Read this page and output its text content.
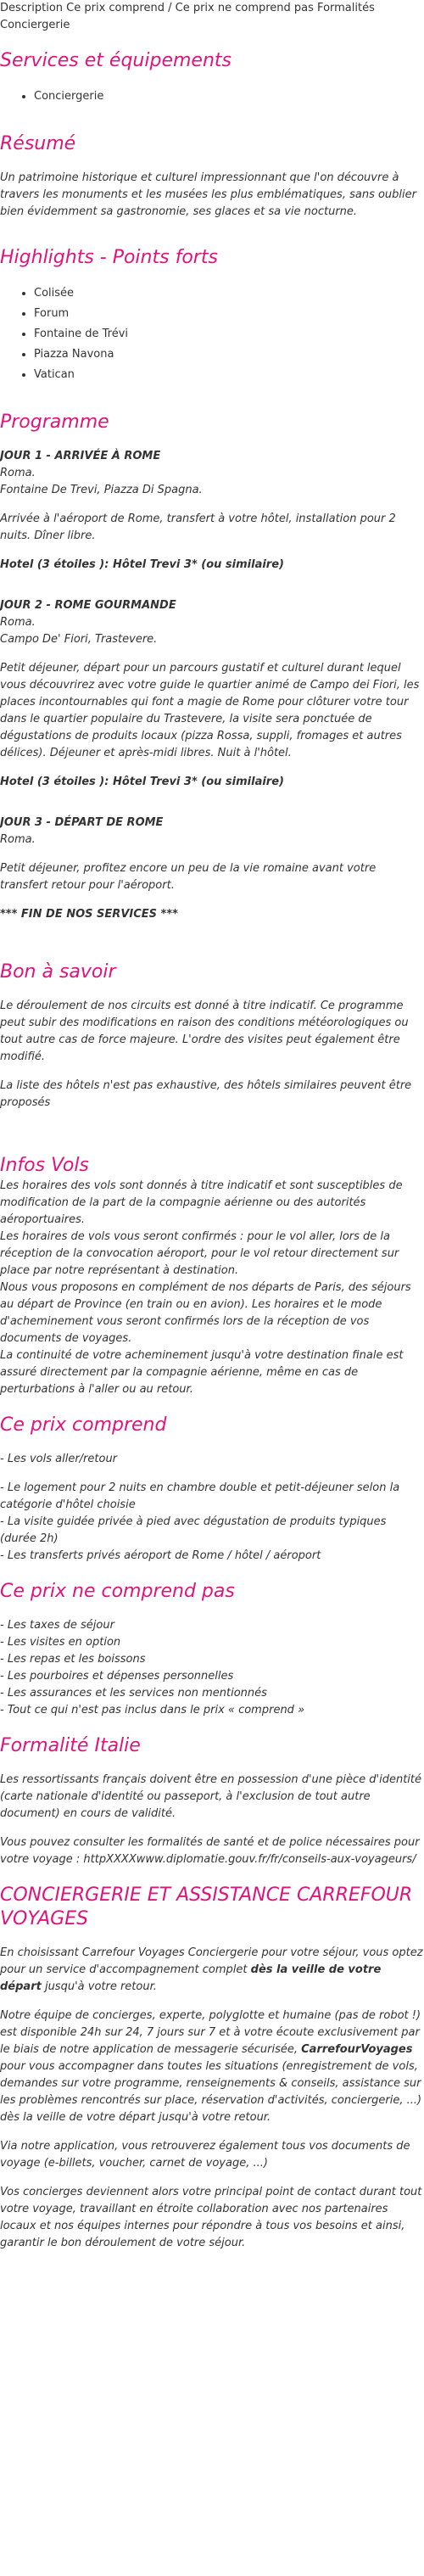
Description Ce prix comprend / Ce prix ne comprend pas Formalités Conciergerie

Services et équipements
• Conciergerie
Résumé

Un patrimoine historique et culturel impressionnant que l'on découvre à travers les monuments et les musées les plus emblématiques, sans oublier bien évidemment sa gastronomie, ses glaces et sa vie nocturne.

Highlights - Points forts
• Colisée
• Forum
• Fontaine de Trévi
• Piazza Navona
• Vatican
Programme

JOUR 1 - ARRIVÉE À ROME

Roma.

Fontaine De Trevi, Piazza Di Spagna.

Arrivée à l'aéroport de Rome, transfert à votre hôtel, installation pour 2 nuits. Dîner libre.

Hotel (3 étoiles ): Hôtel Trevi 3* (ou similaire)

JOUR 2 - ROME GOURMANDE

Roma.

Campo De' Fiori, Trastevere.

Petit déjeuner, départ pour un parcours gustatif et culturel durant lequel vous découvrirez avec votre guide le quartier animé de Campo dei Fiori, les places incontournables qui font a magie de Rome pour clôturer votre tour dans le quartier populaire du Trastevere, la visite sera ponctuée de dégustations de produits locaux (pizza Rossa, suppli, fromages et autres délices). Déjeuner et après-midi libres. Nuit à l'hôtel.

Hotel (3 étoiles ): Hôtel Trevi 3* (ou similaire)

JOUR 3 - DÉPART DE ROME

Roma.

Petit déjeuner, profitez encore un peu de la vie romaine avant votre transfert retour pour l'aéroport.

*** FIN DE NOS SERVICES ***

Bon à savoir

Le déroulement de nos circuits est donné à titre indicatif. Ce programme peut subir des modifications en raison des conditions météorologiques ou tout autre cas de force majeure. L'ordre des visites peut également être modifié.

La liste des hôtels n'est pas exhaustive, des hôtels similaires peuvent être proposés

Infos Vols

Les horaires des vols sont donnés à titre indicatif et sont susceptibles de modification de la part de la compagnie aérienne ou des autorités aéroportuaires.

Les horaires de vols vous seront confirmés : pour le vol aller, lors de la réception de la convocation aéroport, pour le vol retour directement sur place par notre représentant à destination.

Nous vous proposons en complément de nos départs de Paris, des séjours au départ de Province (en train ou en avion). Les horaires et le mode d'acheminement vous seront confirmés lors de la réception de vos documents de voyages.

La continuité de votre acheminement jusqu'à votre destination finale est assuré directement par la compagnie aérienne, même en cas de perturbations à l'aller ou au retour.

Ce prix comprend

- Les vols aller/retour

- Le logement pour 2 nuits en chambre double et petit-déjeuner selon la catégorie d'hôtel choisie

- La visite guidée privée à pied avec dégustation de produits typiques (durée 2h)

- Les transferts privés aéroport de Rome / hôtel / aéroport

Ce prix ne comprend pas

- Les taxes de séjour

- Les visites en option

- Les repas et les boissons

- Les pourboires et dépenses personnelles

- Les assurances et les services non mentionnés

- Tout ce qui n'est pas inclus dans le prix « comprend »

Formalité Italie

Les ressortissants français doivent être en possession d'une pièce d'identité (carte nationale d'identité ou passeport, à l'exclusion de tout autre document) en cours de validité.

Vous pouvez consulter les formalités de santé et de police nécessaires pour votre voyage : httpXXXXwww.diplomatie.gouv.fr/fr/conseils-aux-voyageurs/

CONCIERGERIE ET ASSISTANCE CARREFOUR VOYAGES

En choisissant Carrefour Voyages Conciergerie pour votre séjour, vous optez pour un service d'accompagnement complet dès la veille de votre départ jusqu'à votre retour.

Notre équipe de concierges, experte, polyglotte et humaine (pas de robot !) est disponible 24h sur 24, 7 jours sur 7 et à votre écoute exclusivement par le biais de notre application de messagerie sécurisée, CarrefourVoyages pour vous accompagner dans toutes les situations (enregistrement de vols, demandes sur votre programme, renseignements & conseils, assistance sur les problèmes rencontrés sur place, réservation d'activités, conciergerie, ...) dès la veille de votre départ jusqu'à votre retour.

Via notre application, vous retrouverez également tous vos documents de voyage (e-billets, voucher, carnet de voyage, ...)

Vos concierges deviennent alors votre principal point de contact durant tout votre voyage, travaillant en étroite collaboration avec nos partenaires locaux et nos équipes internes pour répondre à tous vos besoins et ainsi, garantir le bon déroulement de votre séjour.
